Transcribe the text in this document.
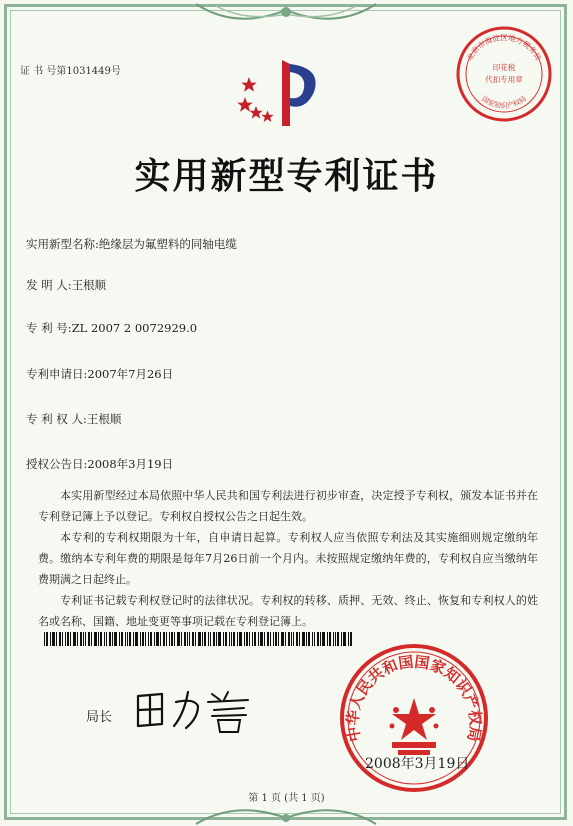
证 书 号第1031449号
北京市海淀区地方税务局
印花税
代扣专用章
国家知识产权局
实用新型专利证书
实用新型名称:绝缘层为氟塑料的同轴电缆
发 明 人:王根顺
专 利 号:ZL 2007 2 0072929.0
专利申请日:2007年7月26日
专 利 权 人:王根顺
授权公告日:2008年3月19日
本实用新型经过本局依照中华人民共和国专利法进行初步审查，决定授予专利权，颁发本证书并在专利登记簿上予以登记。专利权自授权公告之日起生效。
本专利的专利权期限为十年，自申请日起算。专利权人应当依照专利法及其实施细则规定缴纳年费。缴纳本专利年费的期限是每年7月26日前一个月内。未按照规定缴纳年费的，专利权自应当缴纳年费期满之日起终止。
专利证书记载专利权登记时的法律状况。专利权的转移、质押、无效、终止、恢复和专利权人的姓名或名称、国籍、地址变更等事项记载在专利登记簿上。
局长
中华人民共和国国家知识产权局
2008年3月19日
第 1 页 (共 1 页)
